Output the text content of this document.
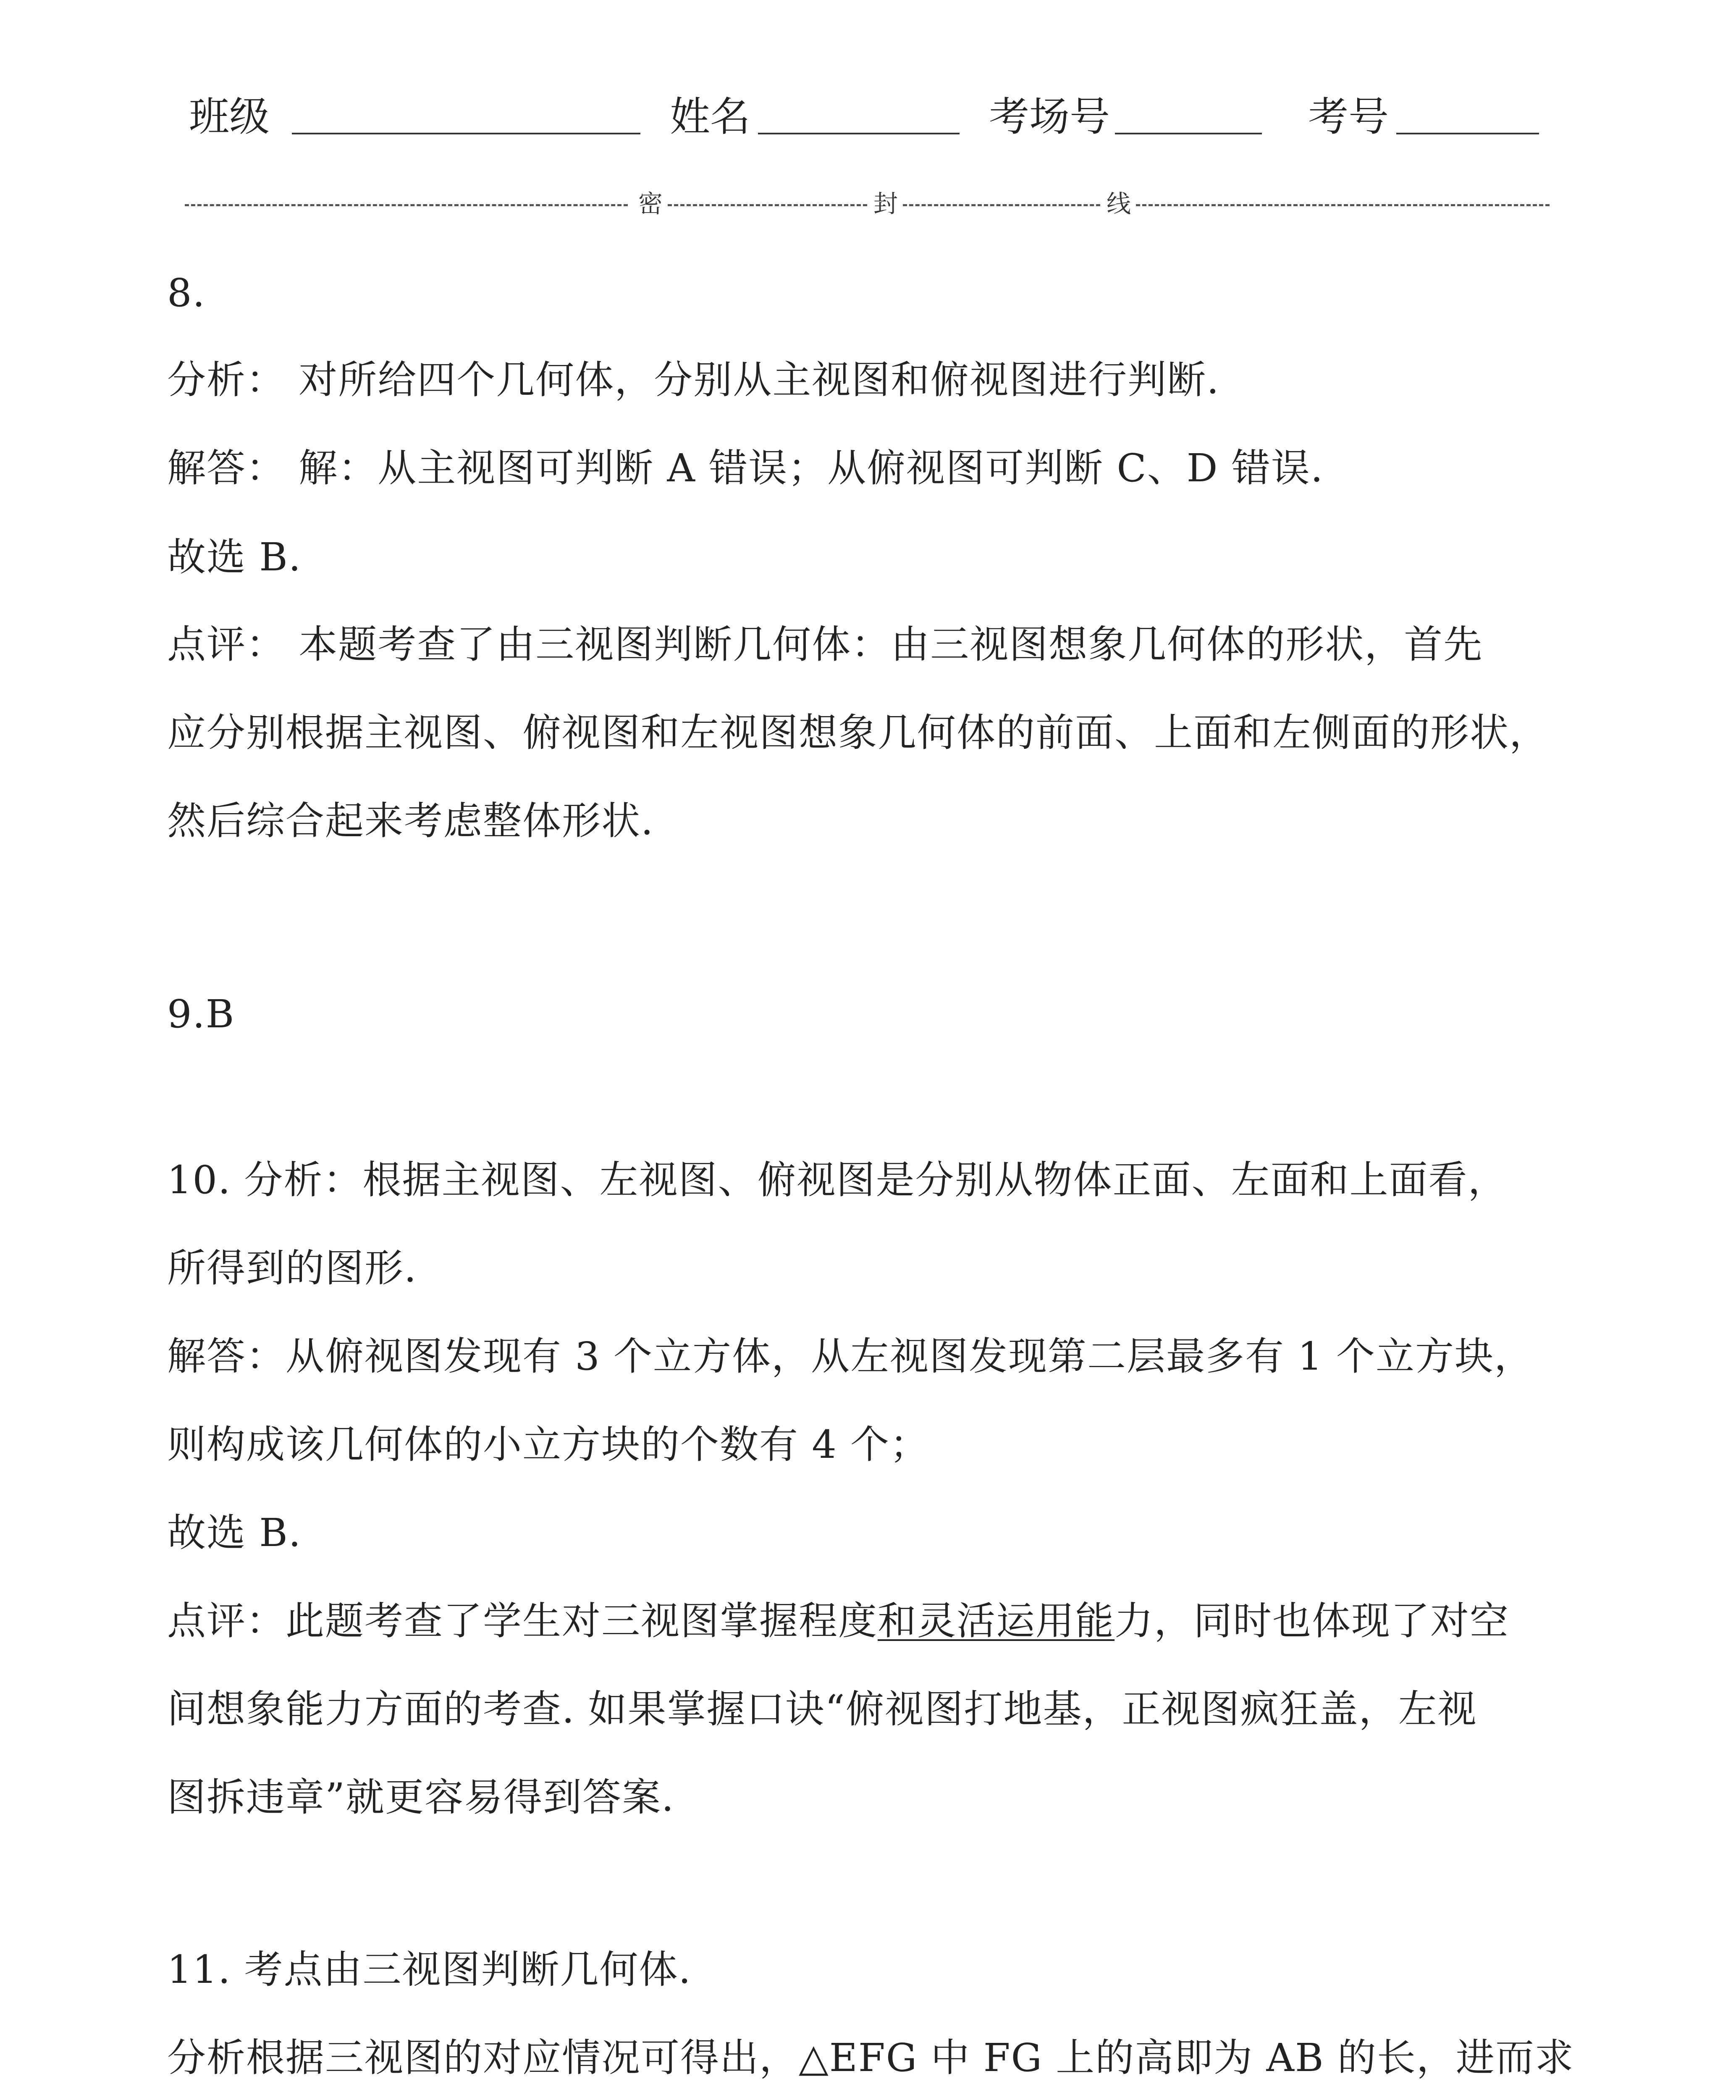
班级	姓名	考场号	考号
密	封	线
8.
分析： 对所给四个几何体，分别从主视图和俯视图进行判断.
解答： 解：从主视图可判断 A 错误；从俯视图可判断 C、D 错误.
故选 B.
点评： 本题考查了由三视图判断几何体：由三视图想象几何体的形状，首先
应分别根据主视图、俯视图和左视图想象几何体的前面、上面和左侧面的形状，
然后综合起来考虑整体形状.
9.B
10. 分析：根据主视图、左视图、俯视图是分别从物体正面、左面和上面看，
所得到的图形.
解答：从俯视图发现有 3 个立方体，从左视图发现第二层最多有 1 个立方块，
则构成该几何体的小立方块的个数有 4 个；
故选 B.
点评：此题考查了学生对三视图掌握程度和灵活运用能力，同时也体现了对空
间想象能力方面的考查. 如果掌握口诀“俯视图打地基，正视图疯狂盖，左视
图拆违章”就更容易得到答案.
11. 考点由三视图判断几何体.
分析根据三视图的对应情况可得出，△EFG 中 FG 上的高即为 AB 的长，进而求
